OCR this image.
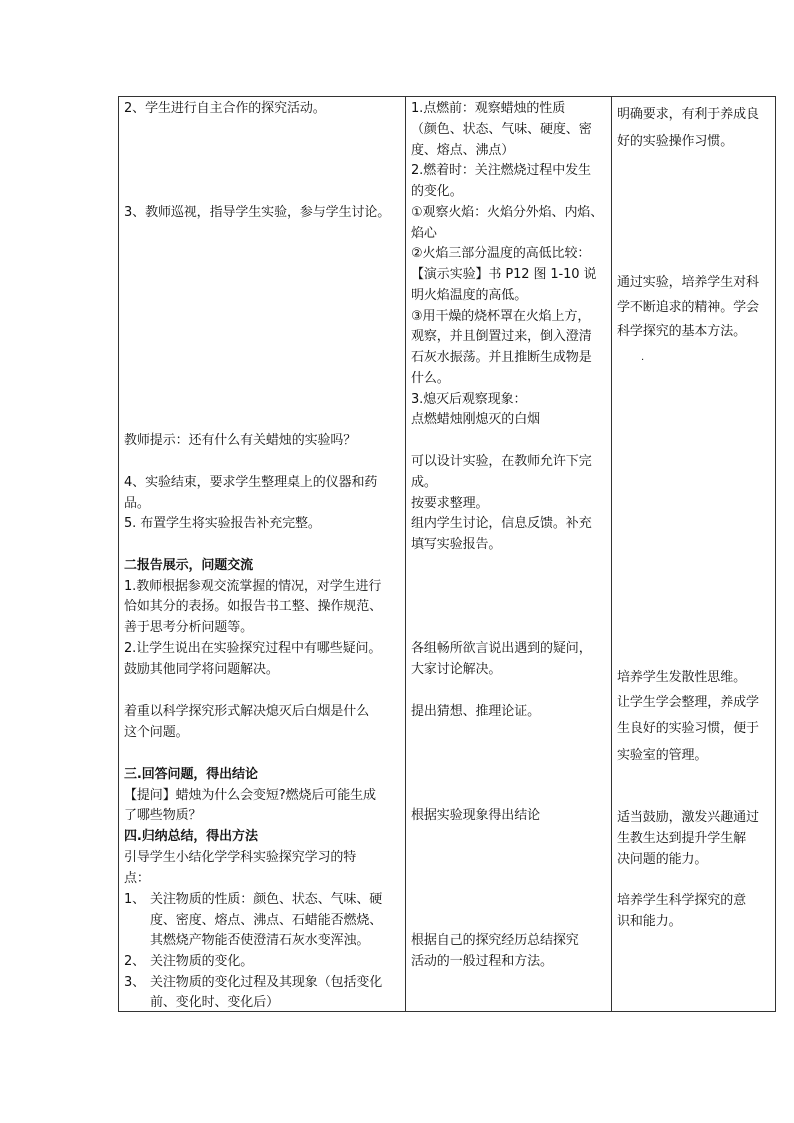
2、学生进行自主合作的探究活动。

3、教师巡视，指导学生实验，参与学生讨论。

教师提示：还有什么有关蜡烛的实验吗？

4、实验结束，要求学生整理桌上的仪器和药

品。

5. 布置学生将实验报告补充完整。

二报告展示，问题交流

1.教师根据参观交流掌握的情况，对学生进行

恰如其分的表扬。如报告书工整、操作规范、

善于思考分析问题等。

2.让学生说出在实验探究过程中有哪些疑问。

鼓励其他同学将问题解决。

着重以科学探究形式解决熄灭后白烟是什么

这个问题。

三.回答问题，得出结论

【提问】蜡烛为什么会变短?燃烧后可能生成

了哪些物质？

四.归纳总结，得出方法

引导学生小结化学学科实验探究学习的特

点：

1、 关注物质的性质：颜色、状态、气味、硬

度、密度、熔点、沸点、石蜡能否燃烧、

其燃烧产物能否使澄清石灰水变浑浊。

2、 关注物质的变化。

3、 关注物质的变化过程及其现象（包括变化

前、变化时、变化后）

1.点燃前：观察蜡烛的性质

（颜色、状态、气味、硬度、密

度、熔点、沸点）

2.燃着时：关注燃烧过程中发生

的变化。

①观察火焰：火焰分外焰、内焰、

焰心

②火焰三部分温度的高低比较：

【演示实验】书 P12 图 1-10 说

明火焰温度的高低。

③用干燥的烧杯罩在火焰上方，

观察，并且倒置过来，倒入澄清

石灰水振荡。并且推断生成物是

什么。

3.熄灭后观察现象：

点燃蜡烛刚熄灭的白烟

可以设计实验，在教师允许下完

成。

按要求整理。

组内学生讨论，信息反馈。补充

填写实验报告。

各组畅所欲言说出遇到的疑问，

大家讨论解决。

提出猜想、推理论证。

根据实验现象得出结论

根据自己的探究经历总结探究

活动的一般过程和方法。

明确要求，有利于养成良

好的实验操作习惯。

通过实验，培养学生对科

学不断追求的精神。学会

科学探究的基本方法。

.

培养学生发散性思维。

让学生学会整理，养成学

生良好的实验习惯，便于

实验室的管理。

适当鼓励，激发兴趣通过

生教生达到提升学生解

决问题的能力。

培养学生科学探究的意

识和能力。
